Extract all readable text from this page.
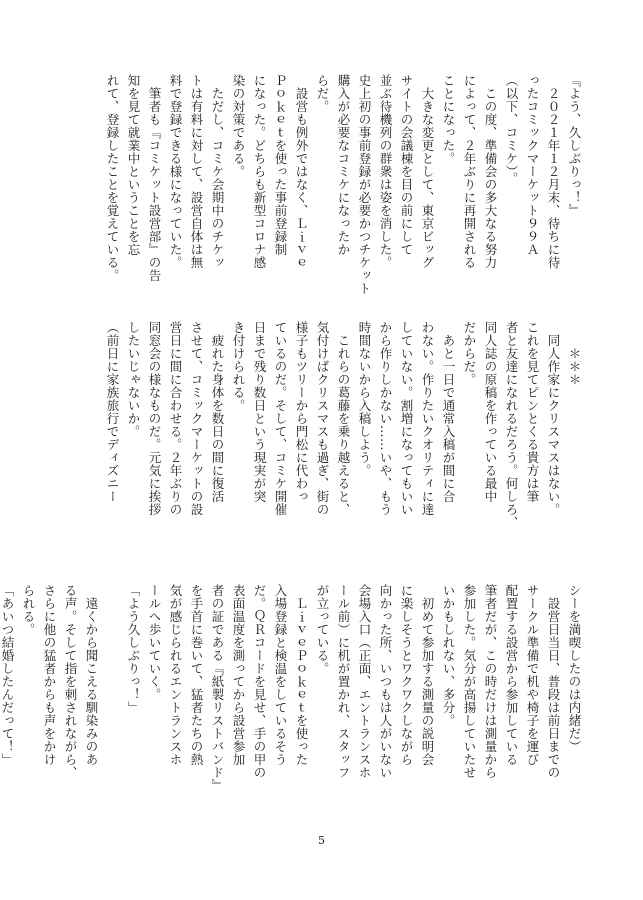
『よう、久しぶりっ！』
　２０２１年１２月末、待ちに待
ったコミックマーケット９９Ａ
（以下、コミケ）。
　この度、準備会の多大なる努力
によって、２年ぶりに再開される
ことになった。
　大きな変更として、東京ビッグ
サイトの会議棟を目の前にして
並ぶ待機列の群衆は姿を消した。
史上初の事前登録が必要かつチケット
購入が必要なコミケになったか
らだ。
　設営も例外ではなく、Ｌｉｖｅ
Ｐｏｋｅｔを使った事前登録制
になった。どちらも新型コロナ感
染の対策である。
　ただし、コミケ会期中のチケッ
トは有料に対して、設営自体は無
料で登録できる様になっていた。
　筆者も『コミケット設営部』の告
知を見て就業中ということを忘
れて、登録したことを覚えている。
　　＊＊＊
　同人作家にクリスマスはない。
これを見てピンとくる貴方は筆
者と友達になれるだろう。何しろ、
同人誌の原稿を作っている最中
だからだ。
　あと一日で通常入稿が間に合
わない。作りたいクオリティに達
していない。割増になってもいい
から作りしかない……いや、もう
時間ないから入稿しよう。
　これらの葛藤を乗り越えると、
気付けばクリスマスも過ぎ、街の
様子もツリーから門松に代わっ
ているのだ。そして、コミケ開催
日まで残り数日という現実が突
き付けられる。
　疲れた身体を数日の間に復活
させて、コミックマーケットの設
営日に間に合わせる。２年ぶりの
同窓会の様なものだ。元気に挨拶
したいじゃないか。
（前日に家族旅行でディズニー
シーを満喫したのは内緒だ）
　設営日当日、普段は前日までの
サークル準備で机や椅子を運び
配置する設営から参加している
筆者だが、この時だけは測量から
参加した。気分が高揚していたせ
いかもしれない、多分。
　初めて参加する測量の説明会
に楽しそうとワクワクしながら
向かった所、いつもは人がいない
会場入口（正面、エントランスホ
ール前）に机が置かれ、スタッフ
が立っている。
　ＬｉｖｅＰｏｋｅｔを使った
入場登録と検温をしているそう
だ。ＱＲコードを見せ、手の甲の
表面温度を測ってから設営参加
者の証である『紙製リストバンド』
を手首に巻いて、猛者たちの熱
気が感じられるエントランスホ
ールへ歩いていく。
「よう久しぶりっ！」
　遠くから聞こえる馴染みのあ
る声。そして指を刺されながら、
さらに他の猛者からも声をかけ
られる。
「あいつ結婚したんだって！」
5
